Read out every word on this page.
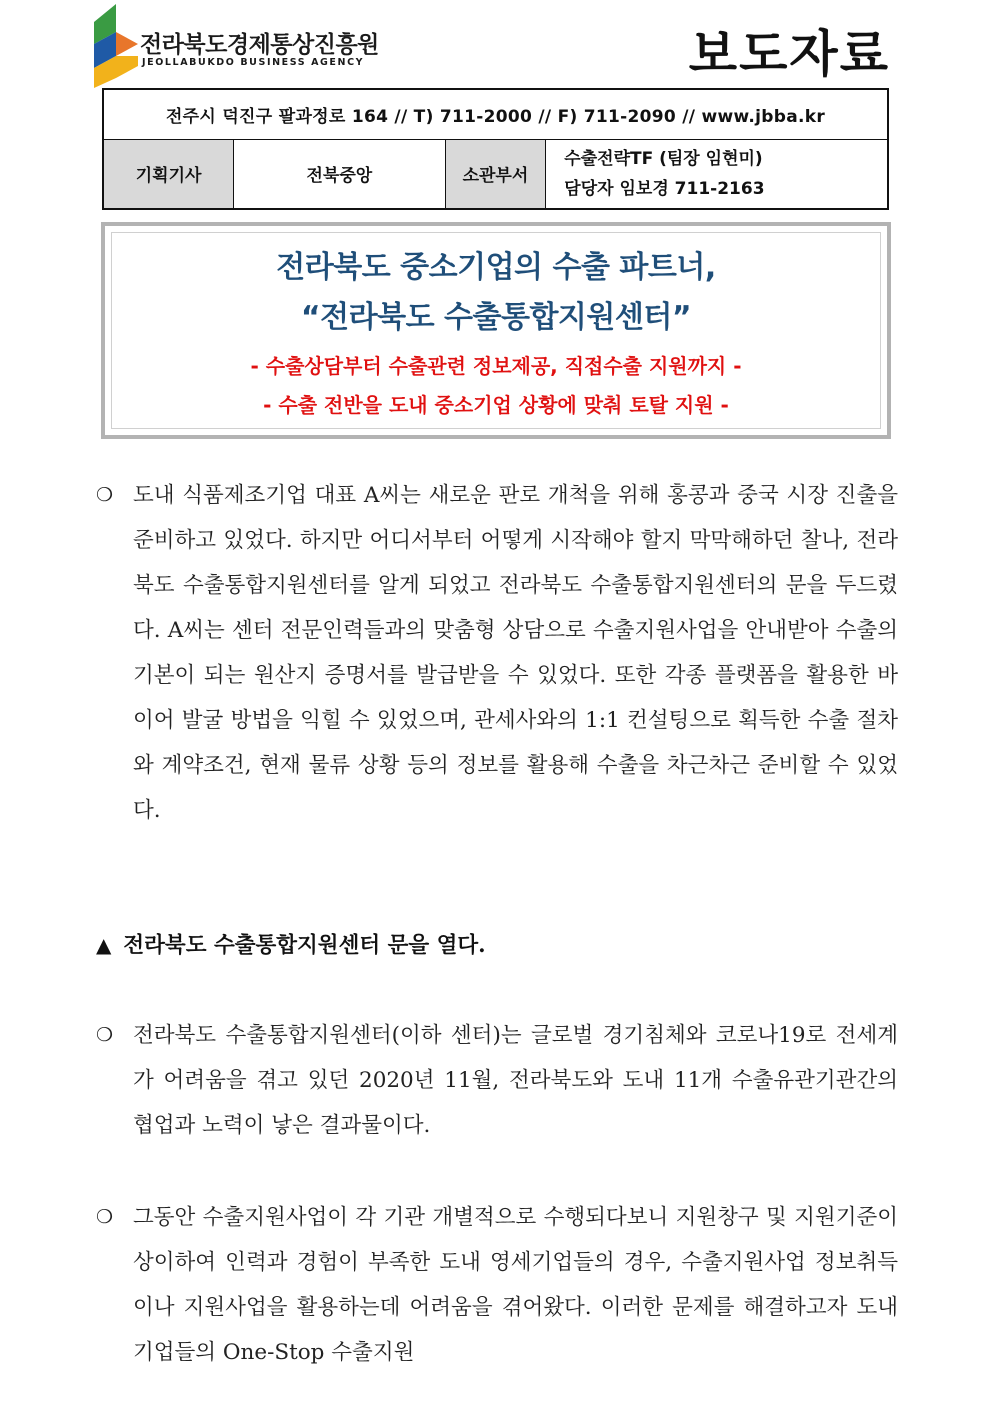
전라북도경제통상진흥원
JEOLLABUKDO BUSINESS AGENCY	보도자료
전주시 덕진구 팔과정로 164 // T) 711-2000 // F) 711-2090 // www.jbba.kr
기획기사	전북중앙	소관부서	
수출전략TF (팀장 임현미)
담당자 임보경 711-2163
전라북도 중소기업의 수출 파트너,
“전라북도 수출통합지원센터”
- 수출상담부터 수출관련 정보제공, 직접수출 지원까지 -
- 수출 전반을 도내 중소기업 상황에 맞춰 토탈 지원 -
❍ 도내 식품제조기업 대표 A씨는 새로운 판로 개척을 위해 홍콩과 중국 시장 진출을 준비하고 있었다. 하지만 어디서부터 어떻게 시작해야 할지 막막해하던 찰나, 전라북도 수출통합지원센터를 알게 되었고 전라북도 수출통합지원센터의 문을 두드렸다. A씨는 센터 전문인력들과의 맞춤형 상담으로 수출지원사업을 안내받아 수출의 기본이 되는 원산지 증명서를 발급받을 수 있었다. 또한 각종 플랫폼을 활용한 바이어 발굴 방법을 익힐 수 있었으며, 관세사와의 1:1 컨설팅으로 획득한 수출 절차와 계약조건, 현재 물류 상황 등의 정보를 활용해 수출을 차근차근 준비할 수 있었다.
▲ 전라북도 수출통합지원센터 문을 열다.
❍ 전라북도 수출통합지원센터(이하 센터)는 글로벌 경기침체와 코로나19로 전세계가 어려움을 겪고 있던 2020년 11월, 전라북도와 도내 11개 수출유관기관간의 협업과 노력이 낳은 결과물이다.
❍ 그동안 수출지원사업이 각 기관 개별적으로 수행되다보니 지원창구 및 지원기준이 상이하여 인력과 경험이 부족한 도내 영세기업들의 경우, 수출지원사업 정보취득이나 지원사업을 활용하는데 어려움을 겪어왔다. 이러한 문제를 해결하고자 도내 기업들의 One-Stop 수출지원
